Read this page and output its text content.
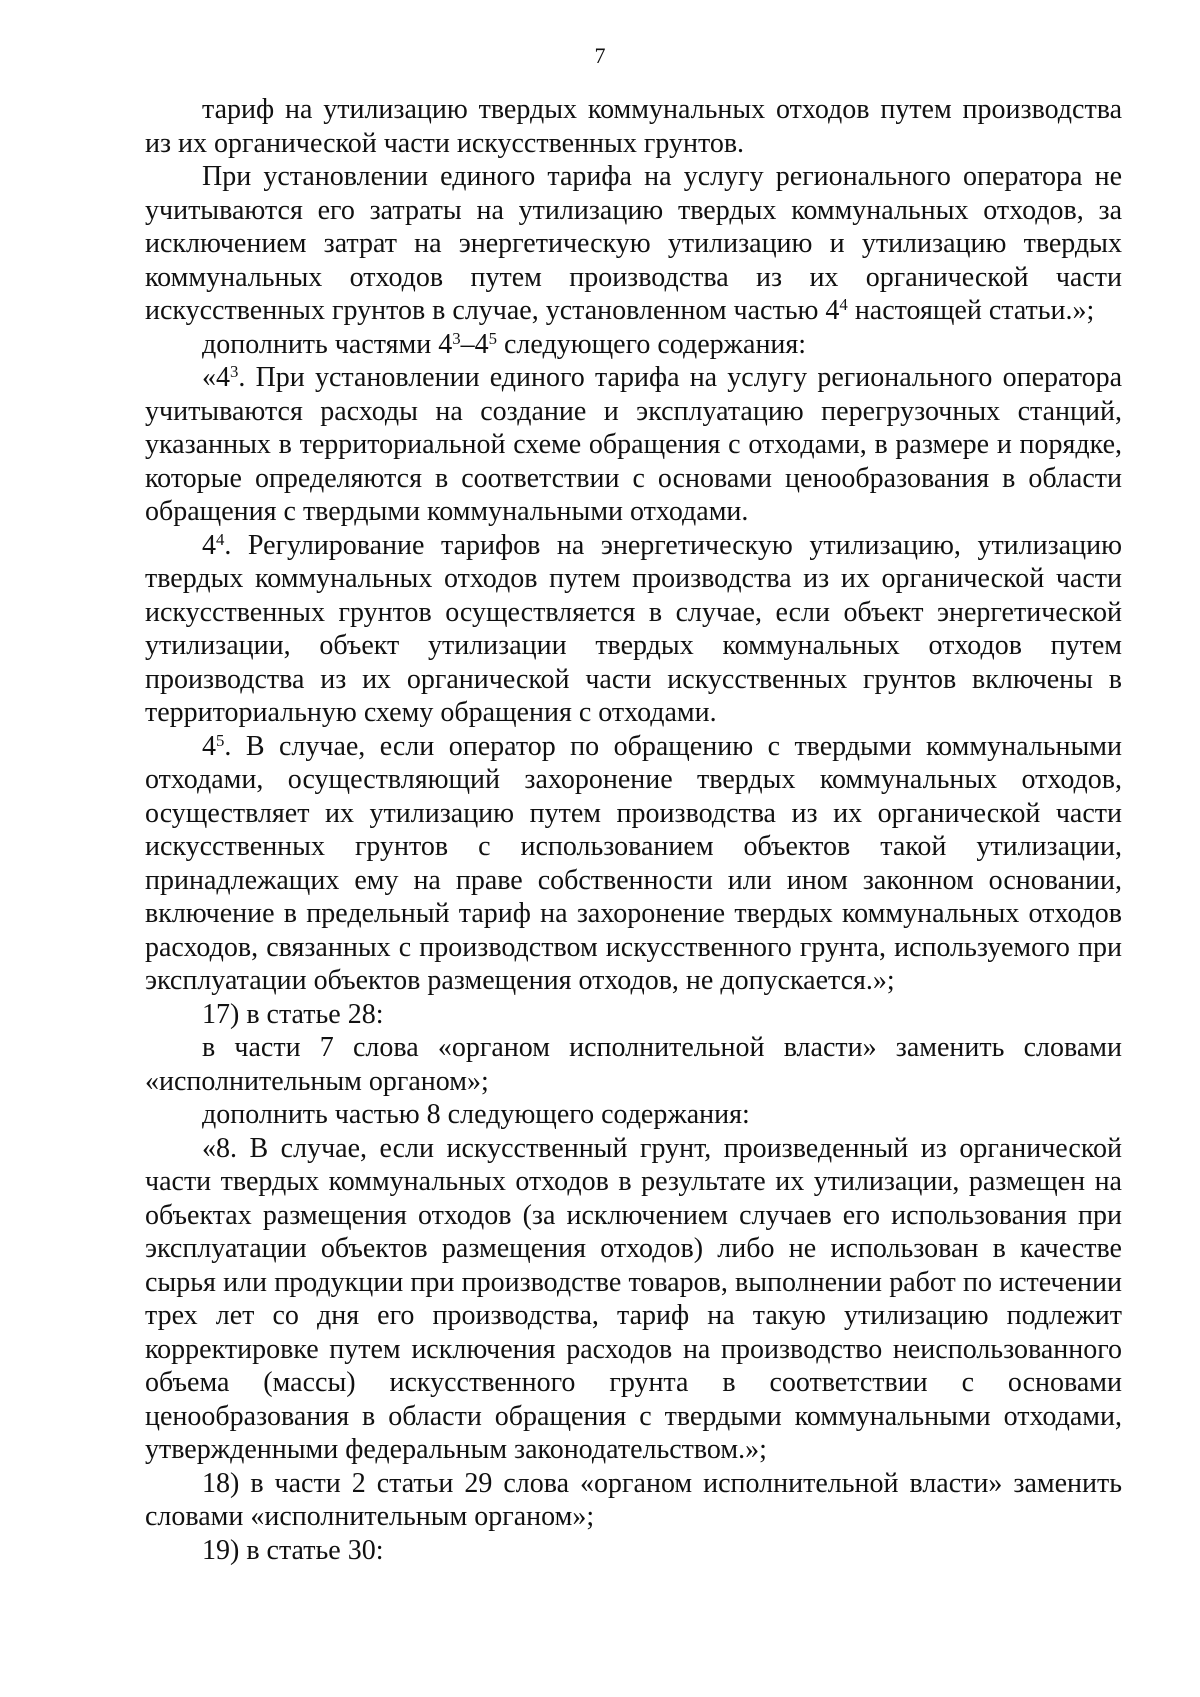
7

тариф на утилизацию твердых коммунальных отходов путем производства из их органической части искусственных грунтов.

При установлении единого тарифа на услугу регионального оператора не учитываются его затраты на утилизацию твердых коммунальных отходов, за исключением затрат на энергетическую утилизацию и утилизацию твердых коммунальных отходов путем производства из их органической части искусственных грунтов в случае, установленном частью $4^4$ настоящей статьи.»;

дополнить частями $4^3-4^5$ следующего содержания:

«$4^3$. При установлении единого тарифа на услугу регионального оператора учитываются расходы на создание и эксплуатацию перегрузочных станций, указанных в территориальной схеме обращения с отходами, в размере и порядке, которые определяются в соответствии с основами ценообразования в области обращения с твердыми коммунальными отходами.

$4^4$. Регулирование тарифов на энергетическую утилизацию, утилизацию твердых коммунальных отходов путем производства из их органической части искусственных грунтов осуществляется в случае, если объект энергетической утилизации, объект утилизации твердых коммунальных отходов путем производства из их органической части искусственных грунтов включены в территориальную схему обращения с отходами.

$4^5$. В случае, если оператор по обращению с твердыми коммунальными отходами, осуществляющий захоронение твердых коммунальных отходов, осуществляет их утилизацию путем производства из их органической части искусственных грунтов с использованием объектов такой утилизации, принадлежащих ему на праве собственности или ином законном основании, включение в предельный тариф на захоронение твердых коммунальных отходов расходов, связанных с производством искусственного грунта, используемого при эксплуатации объектов размещения отходов, не допускается.»;

17) в статье 28:

в части 7 слова «органом исполнительной власти» заменить словами «исполнительным органом»;

дополнить частью 8 следующего содержания:

«8. В случае, если искусственный грунт, произведенный из органической части твердых коммунальных отходов в результате их утилизации, размещен на объектах размещения отходов (за исключением случаев его использования при эксплуатации объектов размещения отходов) либо не использован в качестве сырья или продукции при производстве товаров, выполнении работ по истечении трех лет со дня его производства, тариф на такую утилизацию подлежит корректировке путем исключения расходов на производство неиспользованного объема (массы) искусственного грунта в соответствии с основами ценообразования в области обращения с твердыми коммунальными отходами, утвержденными федеральным законодательством.»;

18) в части 2 статьи 29 слова «органом исполнительной власти» заменить словами «исполнительным органом»;

19) в статье 30:
